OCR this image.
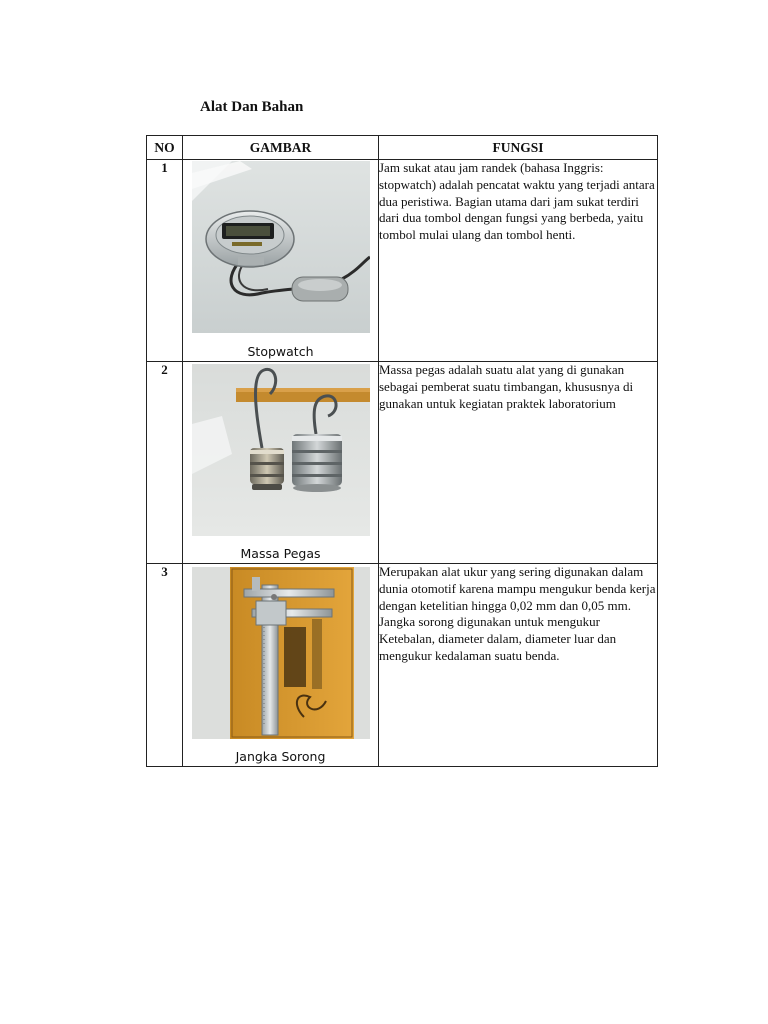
Alat Dan Bahan
NO	GAMBAR	FUNGSI
1	Stopwatch	Jam sukat atau jam randek (bahasa Inggris: stopwatch) adalah pencatat waktu yang terjadi antara dua peristiwa. Bagian utama dari jam sukat terdiri dari dua tombol dengan fungsi yang berbeda, yaitu tombol mulai ulang dan tombol henti.
2	Massa Pegas	Massa pegas adalah suatu alat yang di gunakan sebagai pemberat suatu timbangan, khususnya di gunakan untuk kegiatan praktek laboratorium
3	Jangka Sorong	Merupakan alat ukur yang sering digunakan dalam dunia otomotif karena mampu mengukur benda kerja dengan ketelitian hingga 0,02 mm dan 0,05 mm. Jangka sorong digunakan untuk mengukur Ketebalan, diameter dalam, diameter luar dan mengukur kedalaman suatu benda.
